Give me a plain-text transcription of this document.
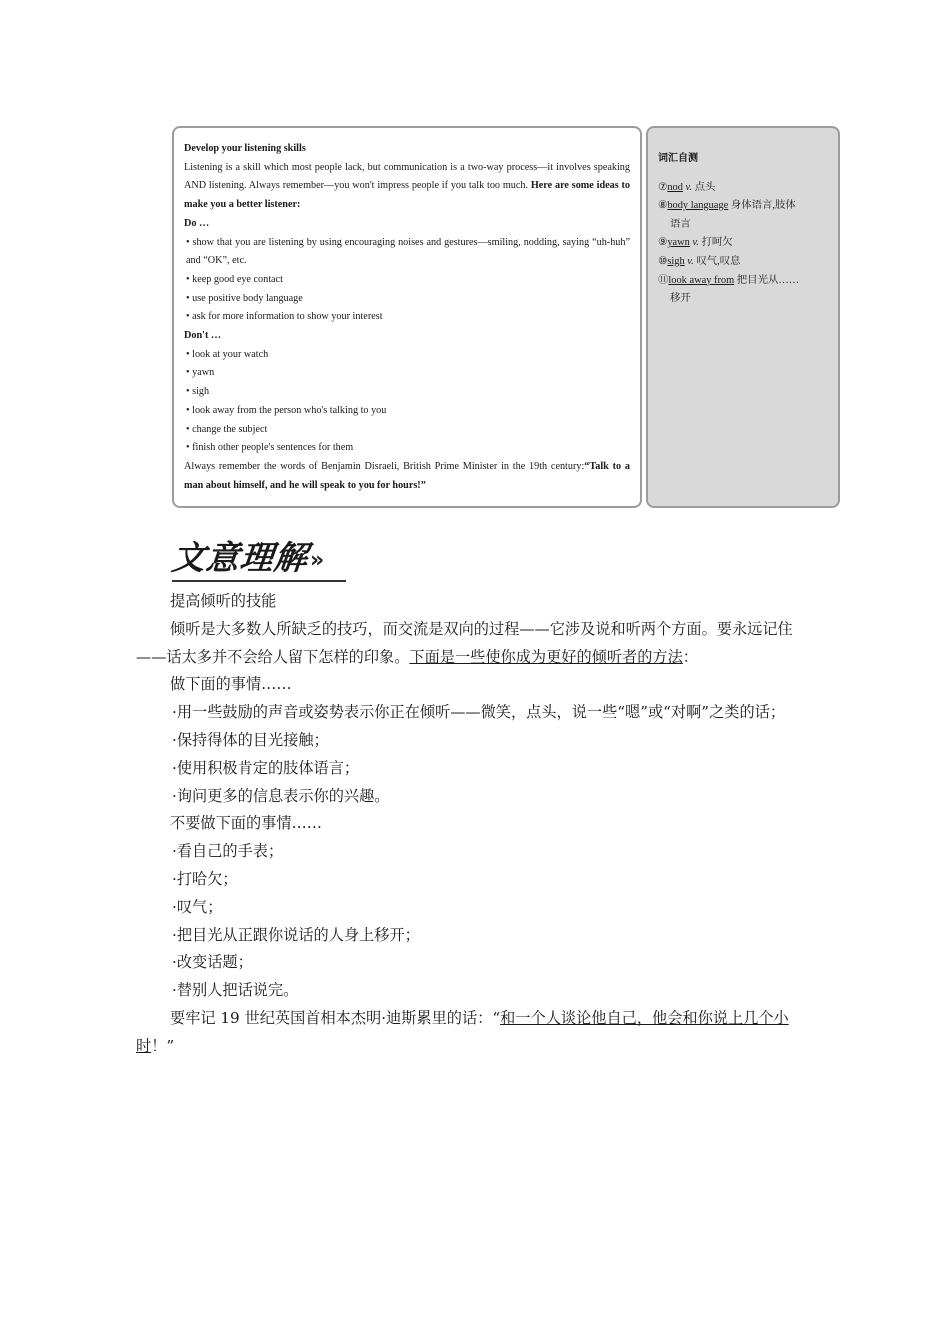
Develop your listening skills

Listening is a skill which most people lack, but communication is a two-way process—it involves speaking AND listening. Always remember—you won't impress people if you talk too much. Here are some ideas to make you a better listener:

Do …

• show that you are listening by using encouraging noises and gestures—smiling, nodding, saying “uh-huh” and “OK”, etc.

• keep good eye contact

• use positive body language

• ask for more information to show your interest

Don't …

• look at your watch

• yawn

• sigh

• look away from the person who's talking to you

• change the subject

• finish other people's sentences for them

Always remember the words of Benjamin Disraeli, British Prime Minister in the 19th century:“Talk to a man about himself, and he will speak to you for hours!”

词汇自测

⑦nod v. 点头

⑧body language 身体语言,肢体

语言

⑨yawn v. 打呵欠

⑩sigh v. 叹气,叹息

⑪look away from 把目光从……

移开

文意理解»

提高倾听的技能

倾听是大多数人所缺乏的技巧，而交流是双向的过程——它涉及说和听两个方面。要永远记住——话太多并不会给人留下怎样的印象。下面是一些使你成为更好的倾听者的方法：

做下面的事情……

·用一些鼓励的声音或姿势表示你正在倾听——微笑，点头，说一些“嗯”或“对啊”之类的话；

·保持得体的目光接触；

·使用积极肯定的肢体语言；

·询问更多的信息表示你的兴趣。

不要做下面的事情……

·看自己的手表；

·打哈欠；

·叹气；

·把目光从正跟你说话的人身上移开；

·改变话题；

·替别人把话说完。

要牢记 19 世纪英国首相本杰明·迪斯累里的话：“和一个人谈论他自己，他会和你说上几个小时！”
